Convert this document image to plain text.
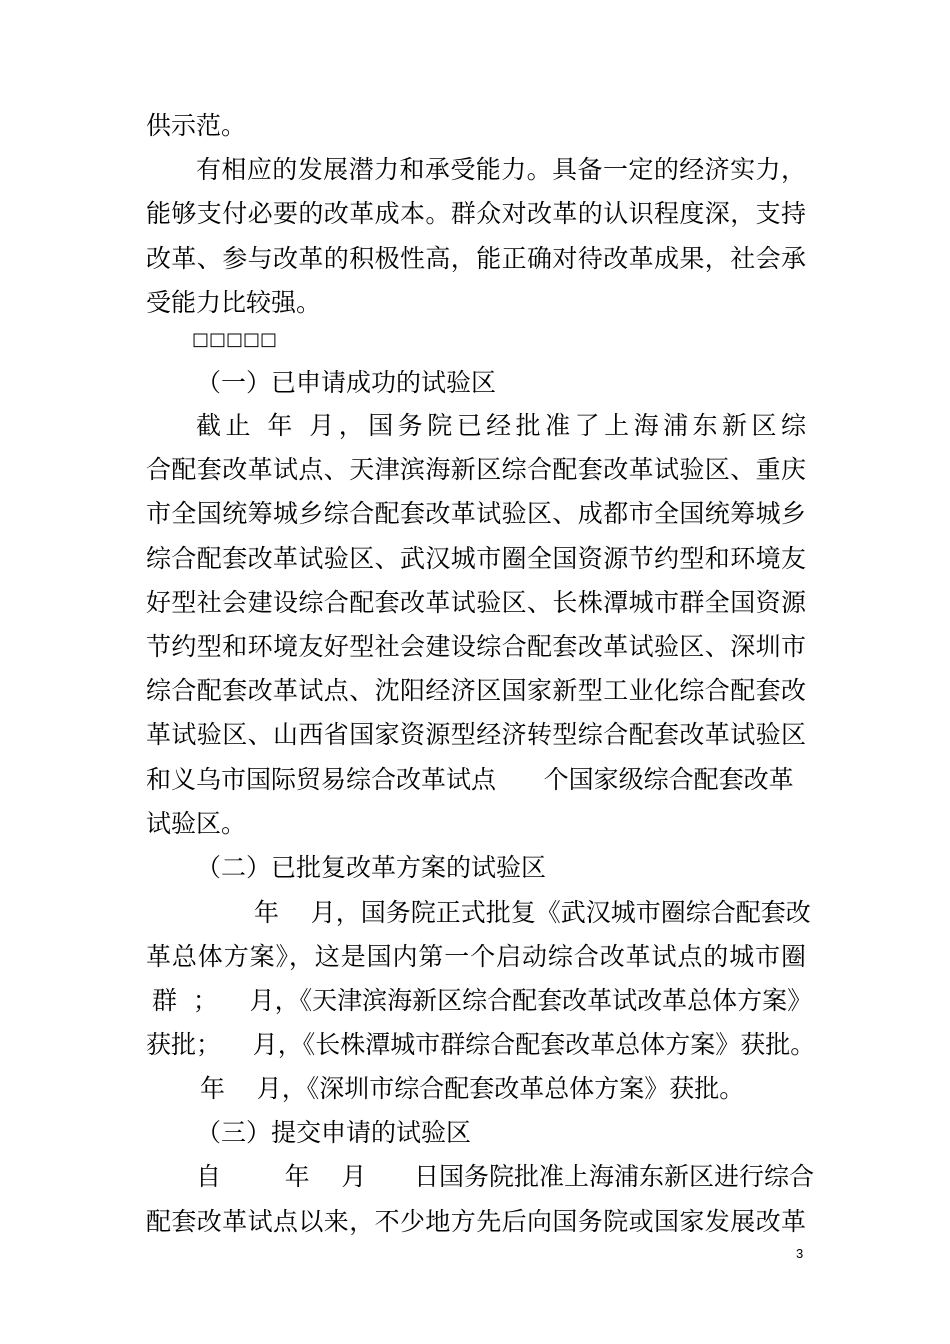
供示范。
有相应的发展潜力和承受能力。具备一定的经济实力，
能够支付必要的改革成本。群众对改革的认识程度深，支持
改革、参与改革的积极性高，能正确对待改革成果，社会承
受能力比较强。
□□□□□
（一）已申请成功的试验区
截止 年 月，国务院已经批准了上海浦东新区综
合配套改革试点、天津滨海新区综合配套改革试验区、重庆
市全国统筹城乡综合配套改革试验区、成都市全国统筹城乡
综合配套改革试验区、武汉城市圈全国资源节约型和环境友
好型社会建设综合配套改革试验区、长株潭城市群全国资源
节约型和环境友好型社会建设综合配套改革试验区、深圳市
综合配套改革试点、沈阳经济区国家新型工业化综合配套改
革试验区、山西省国家资源型经济转型综合配套改革试验区
和义乌市国际贸易综合改革试点      个国家级综合配套改革
试验区。
（二）已批复改革方案的试验区
年    月，国务院正式批复《武汉城市圈综合配套改
革总体方案》，这是国内第一个启动综合改革试点的城市圈
群  ；    月，《天津滨海新区综合配套改革试改革总体方案》
获批；    月，《长株潭城市群综合配套改革总体方案》获批。
年    月，《深圳市综合配套改革总体方案》获批。
（三）提交申请的试验区
自        年    月      日国务院批准上海浦东新区进行综合
配套改革试点以来，不少地方先后向国务院或国家发展改革
3
